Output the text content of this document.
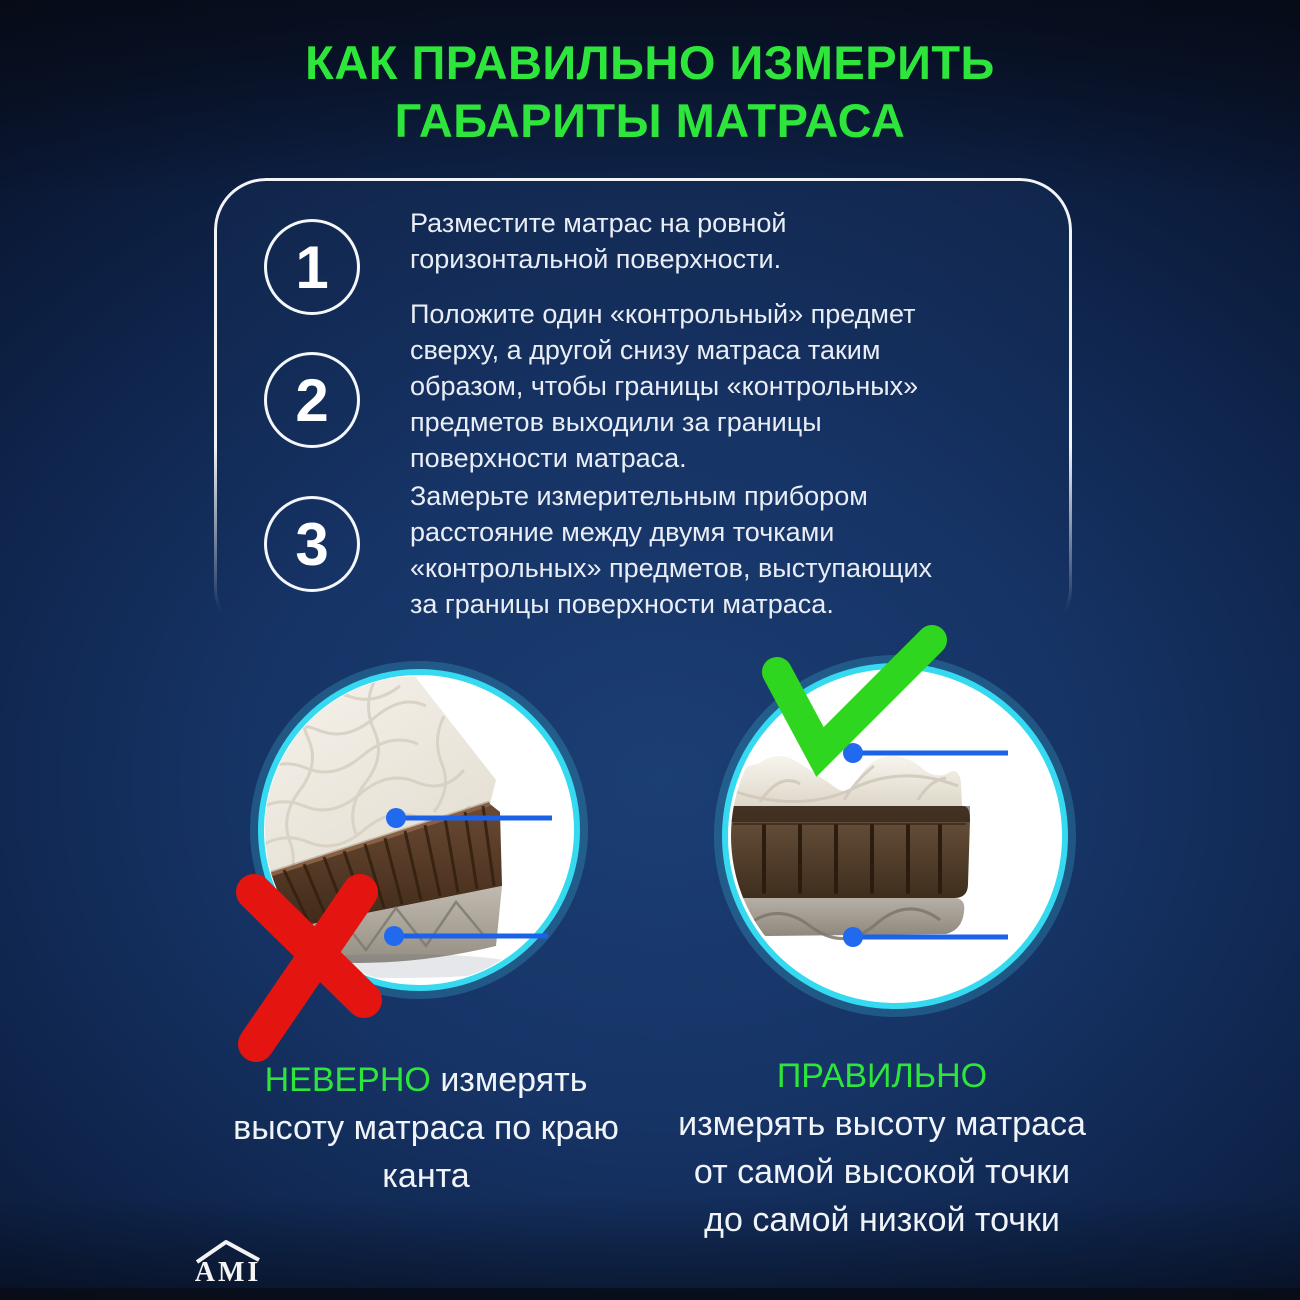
КАК ПРАВИЛЬНО ИЗМЕРИТЬ
ГАБАРИТЫ МАТРАСА
1
Разместите матрас на ровной горизонтальной поверхности.
2
Положите один «контрольный» предмет сверху, а другой снизу матраса таким образом, чтобы границы «контрольных» предметов выходили за границы поверхности матраса.
3
Замерьте измерительным прибором расстояние между двумя точками «контрольных» предметов, выступающих за границы поверхности матраса.
НЕВЕРНО измерять высоту матраса по краю канта
ПРАВИЛЬНО
измерять высоту матраса от самой высокой точки до самой низкой точки
AMI
